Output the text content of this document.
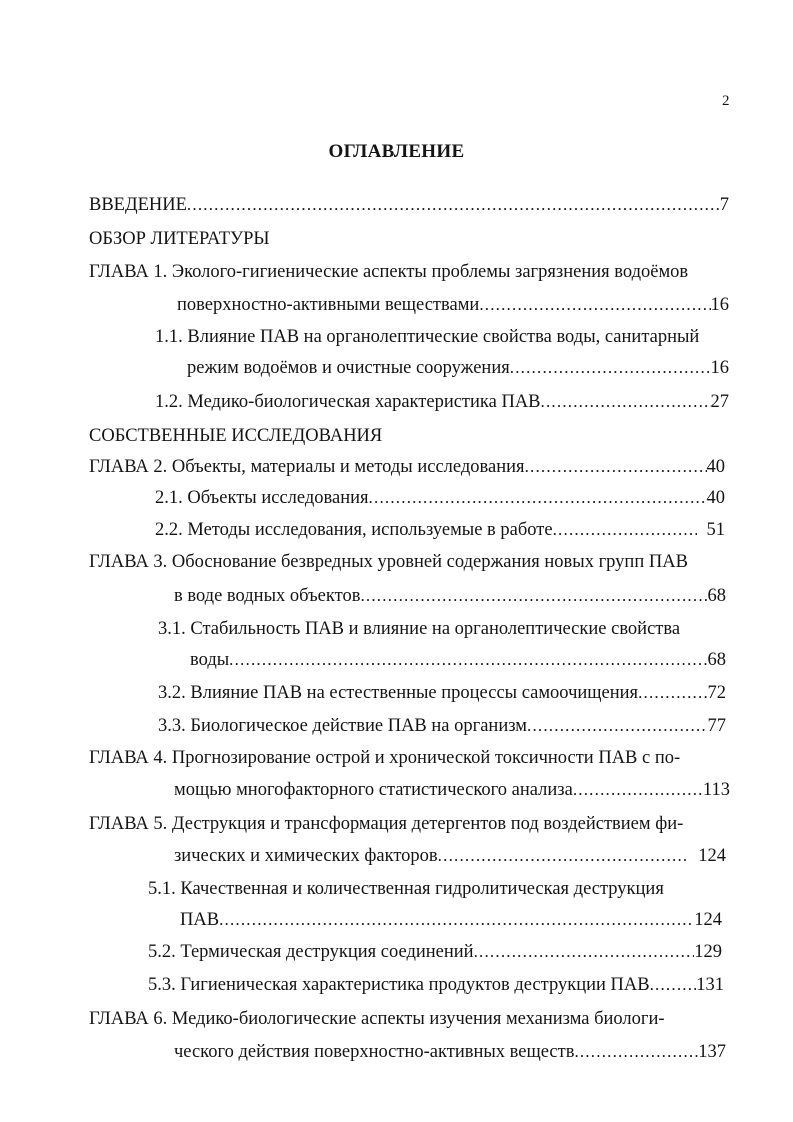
2
ОГЛАВЛЕНИЕ
ВВЕДЕНИЕ .....	7
ОБЗОР ЛИТЕРАТУРЫ
ГЛАВА 1. Эколого-гигиенические аспекты проблемы загрязнения водоёмов
поверхностно-активными веществами .....	16
1.1. Влияние ПАВ на органолептические свойства воды, санитарный
режим водоёмов и очистные сооружения .....	16
1.2. Медико-биологическая характеристика ПАВ .....	27
СОБСТВЕННЫЕ ИССЛЕДОВАНИЯ
ГЛАВА 2. Объекты, материалы и методы исследования .....	40
2.1. Объекты исследования .....	40
2.2. Методы исследования, используемые в работе .....	51
ГЛАВА 3. Обоснование безвредных уровней содержания новых групп ПАВ
в воде водных объектов .....	68
3.1. Стабильность ПАВ и влияние на органолептические свойства
воды .....	68
3.2. Влияние ПАВ на естественные процессы самоочищения .....	72
3.3. Биологическое действие ПАВ на организм .....	77
ГЛАВА 4. Прогнозирование острой и хронической токсичности ПАВ с по-
мощью многофакторного статистического анализа .....	113
ГЛАВА 5. Деструкция и трансформация детергентов под воздействием фи-
зических и химических факторов .....	124
5.1. Качественная и количественная гидролитическая деструкция
ПАВ .....	124
5.2. Термическая деструкция соединений .....	129
5.3. Гигиеническая характеристика продуктов деструкции ПАВ .....	131
ГЛАВА 6. Медико-биологические аспекты изучения механизма биологи-
ческого действия поверхностно-активных веществ .....	137
